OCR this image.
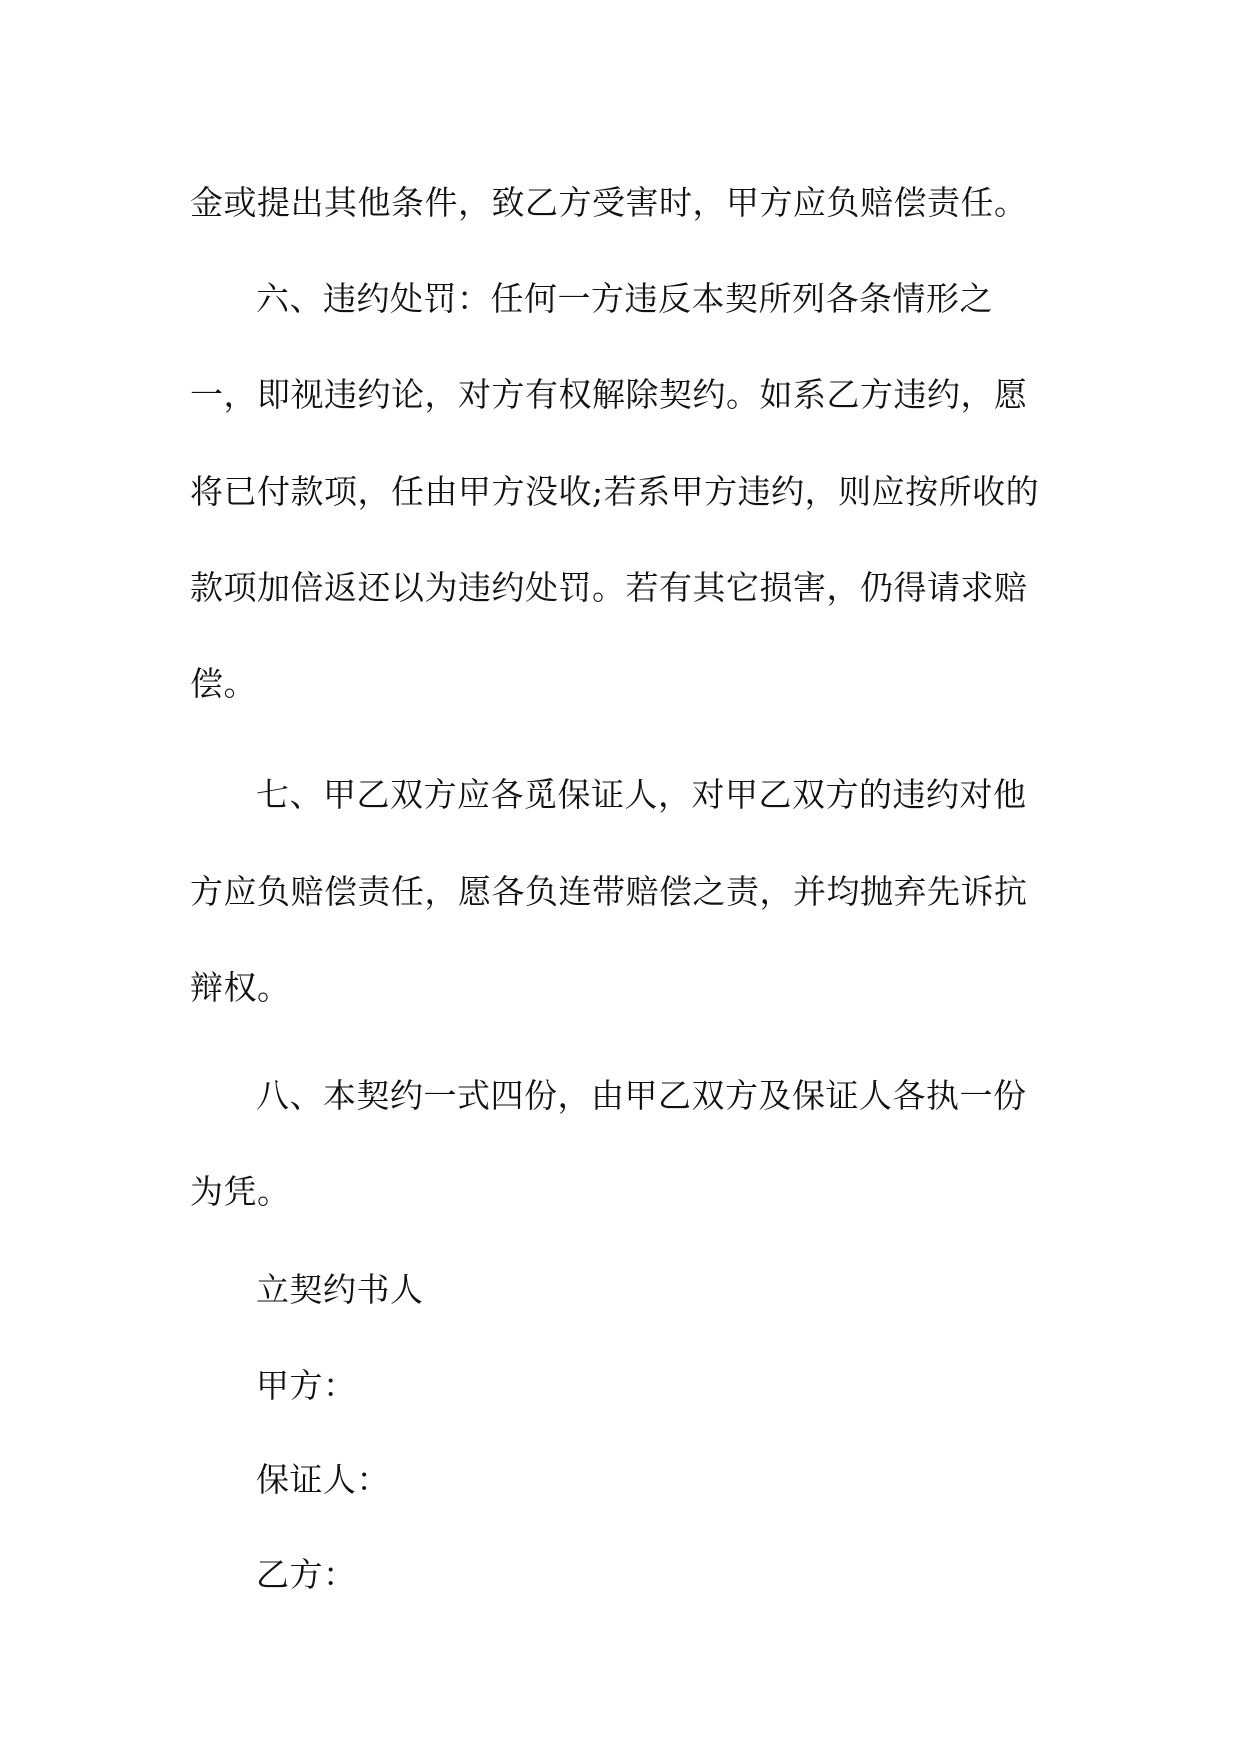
金或提出其他条件，致乙方受害时，甲方应负赔偿责任。
六、违约处罚：任何一方违反本契所列各条情形之
一，即视违约论，对方有权解除契约。如系乙方违约，愿
将已付款项，任由甲方没收;若系甲方违约，则应按所收的
款项加倍返还以为违约处罚。若有其它损害，仍得请求赔
偿。
七、甲乙双方应各觅保证人，对甲乙双方的违约对他
方应负赔偿责任，愿各负连带赔偿之责，并均抛弃先诉抗
辩权。
八、本契约一式四份，由甲乙双方及保证人各执一份
为凭。
立契约书人
甲方：
保证人：
乙方：
